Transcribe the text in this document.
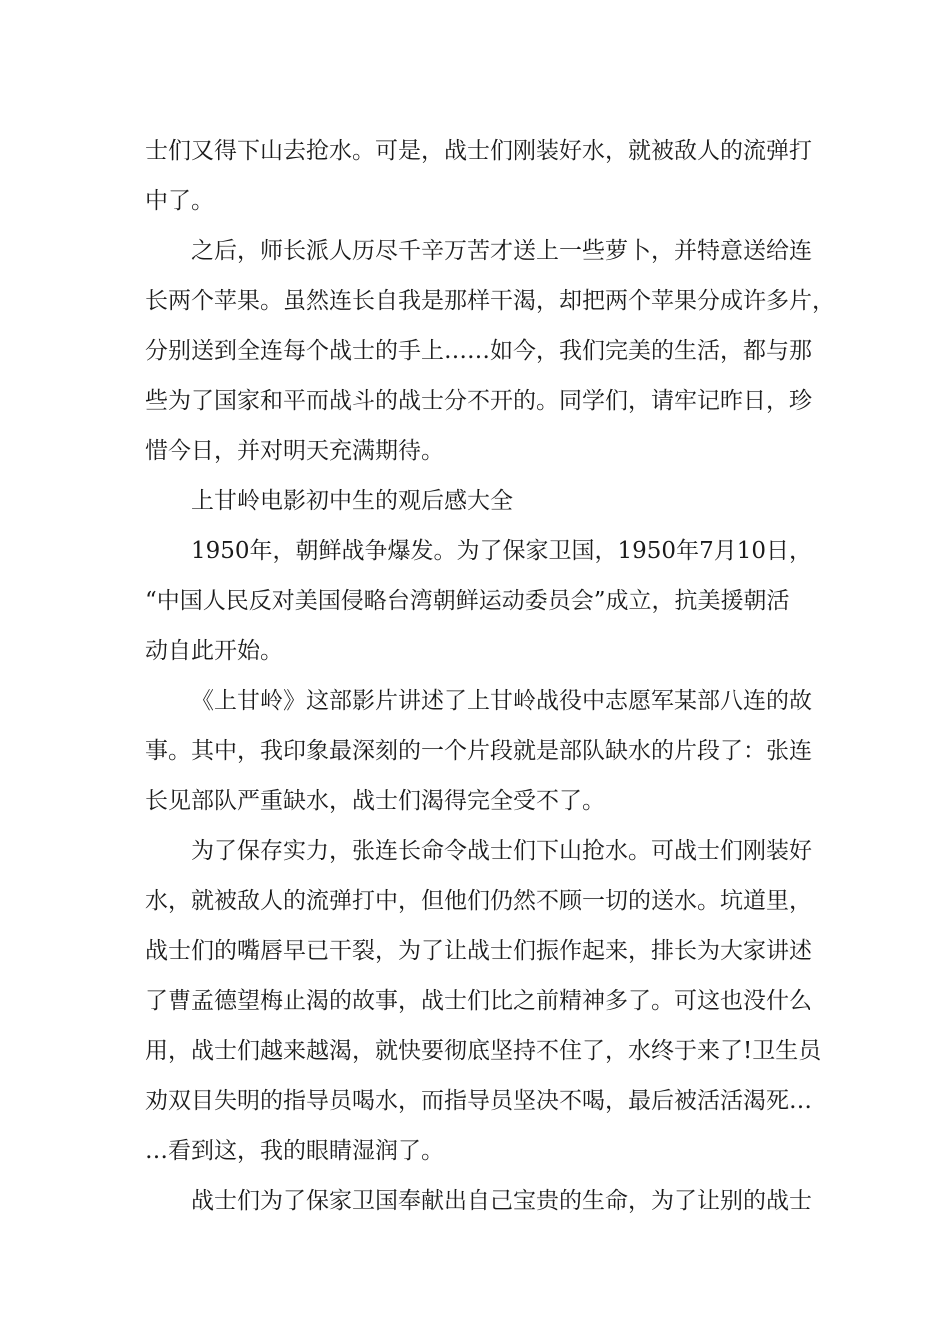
士们又得下山去抢水。可是，战士们刚装好水，就被敌人的流弹打
中了。
之后，师长派人历尽千辛万苦才送上一些萝卜，并特意送给连
长两个苹果。虽然连长自我是那样干渴，却把两个苹果分成许多片，
分别送到全连每个战士的手上……如今，我们完美的生活，都与那
些为了国家和平而战斗的战士分不开的。同学们，请牢记昨日，珍
惜今日，并对明天充满期待。
上甘岭电影初中生的观后感大全
1950年，朝鲜战争爆发。为了保家卫国，1950年7月10日，
“中国人民反对美国侵略台湾朝鲜运动委员会”成立，抗美援朝活
动自此开始。
《上甘岭》这部影片讲述了上甘岭战役中志愿军某部八连的故
事。其中，我印象最深刻的一个片段就是部队缺水的片段了：张连
长见部队严重缺水，战士们渴得完全受不了。
为了保存实力，张连长命令战士们下山抢水。可战士们刚装好
水，就被敌人的流弹打中，但他们仍然不顾一切的送水。坑道里，
战士们的嘴唇早已干裂，为了让战士们振作起来，排长为大家讲述
了曹孟德望梅止渴的故事，战士们比之前精神多了。可这也没什么
用，战士们越来越渴，就快要彻底坚持不住了，水终于来了!卫生员
劝双目失明的指导员喝水，而指导员坚决不喝，最后被活活渴死…
…看到这，我的眼睛湿润了。
战士们为了保家卫国奉献出自己宝贵的生命，为了让别的战士
